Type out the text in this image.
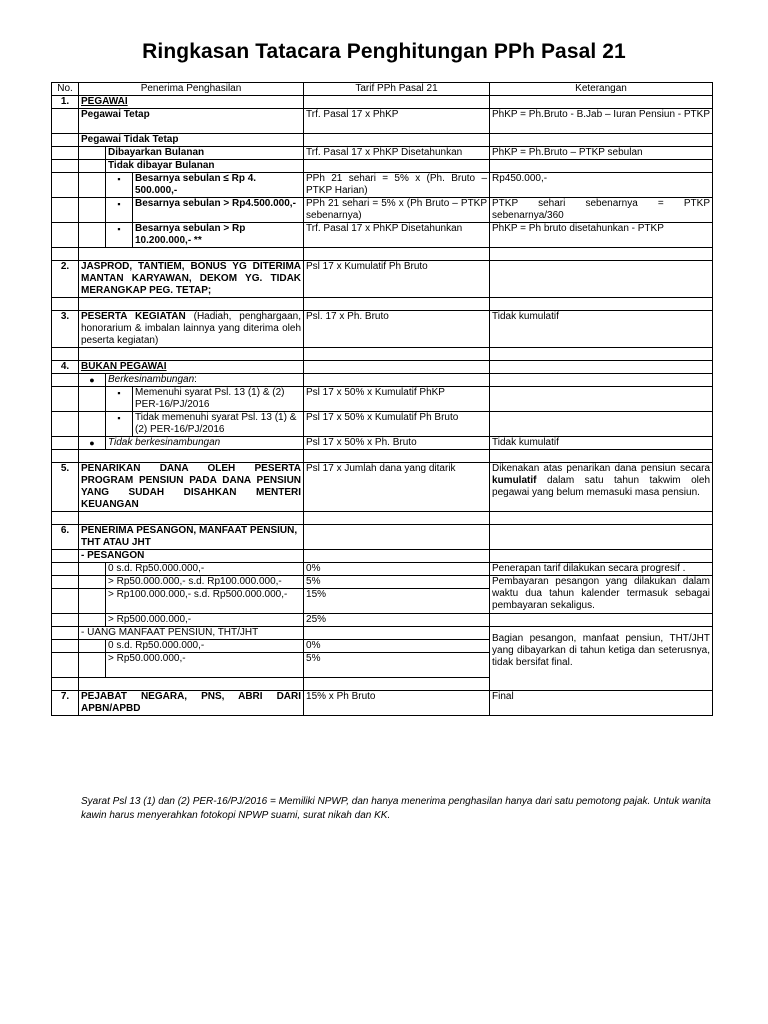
Ringkasan Tatacara Penghitungan PPh Pasal 21
No.	Penerima Penghasilan			Tarif PPh Pasal 21	Keterangan
1.	PEGAWAI				
	Pegawai Tetap			Trf. Pasal 17 x PhKP	PhKP = Ph.Bruto - B.Jab – Iuran Pensiun - PTKP
	Pegawai Tidak Tetap				
		Dibayarkan Bulanan		Trf. Pasal 17 x PhKP Disetahunkan	PhKP = Ph.Bruto – PTKP sebulan
		Tidak dibayar Bulanan			
		▪	Besarnya sebulan ≤ Rp 4. 500.000,-	PPh 21 sehari = 5% x (Ph. Bruto – PTKP Harian)	Rp450.000,-
		▪	Besarnya sebulan > Rp4.500.000,-	PPh 21 sehari = 5% x (Ph Bruto – PTKP sebenarnya)	PTKP sehari sebenarnya = PTKP sebenarnya/360
		▪	Besarnya sebulan > Rp 10.200.000,- **	Trf. Pasal 17 x PhKP Disetahunkan	PhKP = Ph bruto disetahunkan - PTKP

2.	JASPROD, TANTIEM, BONUS YG DITERIMA MANTAN KARYAWAN, DEKOM YG. TIDAK MERANGKAP PEG. TETAP;			Psl 17 x Kumulatif Ph Bruto	

3.	PESERTA KEGIATAN (Hadiah, penghargaan, honorarium & imbalan lainnya yang diterima oleh peserta kegiatan)			Psl. 17 x Ph. Bruto	Tidak kumulatif

4.	BUKAN PEGAWAI				
	●	Berkesinambungan:			
		▪	Memenuhi syarat Psl. 13 (1) & (2) PER-16/PJ/2016	Psl 17 x 50% x Kumulatif PhKP	
		▪	Tidak memenuhi syarat Psl. 13 (1) & (2) PER-16/PJ/2016	Psl 17 x 50% x Kumulatif Ph Bruto	
	●	Tidak berkesinambungan		Psl 17 x 50% x Ph. Bruto	Tidak kumulatif

5.	PENARIKAN DANA OLEH PESERTA PROGRAM PENSIUN PADA DANA PENSIUN YANG SUDAH DISAHKAN MENTERI KEUANGAN			Psl 17 x Jumlah dana yang ditarik	Dikenakan atas penarikan dana pensiun secara kumulatif dalam satu tahun takwim oleh pegawai yang belum memasuki masa pensiun.

6.	PENERIMA PESANGON, MANFAAT PENSIUN, THT ATAU JHT				
	- PESANGON				
		0 s.d. Rp50.000.000,-		0%	Penerapan tarif dilakukan secara progresif .
		> Rp50.000.000,- s.d. Rp100.000.000,-		5%	Pembayaran pesangon yang dilakukan dalam waktu dua tahun kalender termasuk sebagai pembayaran sekaligus.
		> Rp100.000.000,- s.d. Rp500.000.000,-		15%	
		> Rp500.000.000,-		25%	
	- UANG MANFAAT PENSIUN, THT/JHT				Bagian pesangon, manfaat pensiun, THT/JHT yang dibayarkan di tahun ketiga dan seterusnya, tidak bersifat final.
		0 s.d. Rp50.000.000,-		0%	
		> Rp50.000.000,-		5%	

7.	PEJABAT NEGARA, PNS, ABRI DARI APBN/APBD			15% x Ph Bruto	Final
Syarat Psl 13 (1) dan (2) PER-16/PJ/2016 = Memiliki NPWP, dan hanya menerima penghasilan hanya dari satu pemotong pajak. Untuk wanita kawin harus menyerahkan fotokopi NPWP suami, surat nikah dan KK.
